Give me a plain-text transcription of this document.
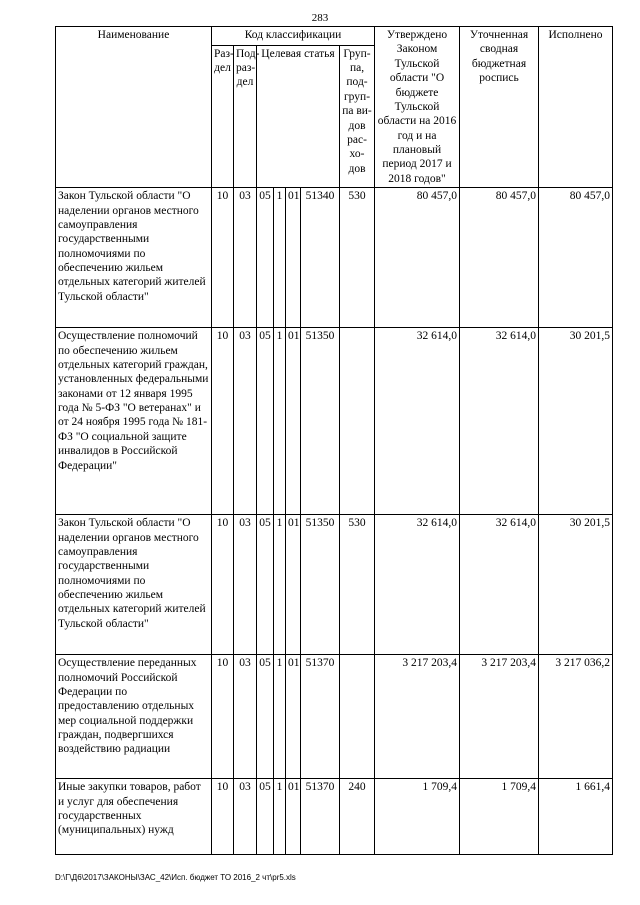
283
Наименование	Код классификации							Утверждено Законом Тульской области "О бюджете Тульской области на 2016 год и на плановый период 2017 и 2018 годов"	Уточненная сводная бюджетная роспись	Исполнено
	Раз-дел	Под-раз-дел	Целевая статья				Груп-па, под-груп-па ви-дов рас-хо-дов			
Закон Тульской области "О наделении органов местного самоуправления государственными полномочиями по обеспечению жильем отдельных категорий жителей Тульской области"	10	03	05	1	01	51340	530	80 457,0	80 457,0	80 457,0
Осуществление полномочий по обеспечению жильем отдельных категорий граждан, установленных федеральными законами от 12 января 1995 года № 5-ФЗ "О ветеранах" и от 24 ноября 1995 года № 181-ФЗ "О социальной защите инвалидов в Российской Федерации"	10	03	05	1	01	51350		32 614,0	32 614,0	30 201,5
Закон Тульской области "О наделении органов местного самоуправления государственными полномочиями по обеспечению жильем отдельных категорий жителей Тульской области"	10	03	05	1	01	51350	530	32 614,0	32 614,0	30 201,5
Осуществление переданных полномочий Российской Федерации по предоставлению отдельных мер социальной поддержки граждан, подвергшихся воздействию радиации	10	03	05	1	01	51370		3 217 203,4	3 217 203,4	3 217 036,2
Иные закупки товаров, работ и услуг для обеспечения государственных (муниципальных) нужд	10	03	05	1	01	51370	240	1 709,4	1 709,4	1 661,4
D:\Г\Д6\2017\ЗАКОНЫ\ЗАС_42\Исп. бюджет ТО 2016_2 чт\pr5.xls
